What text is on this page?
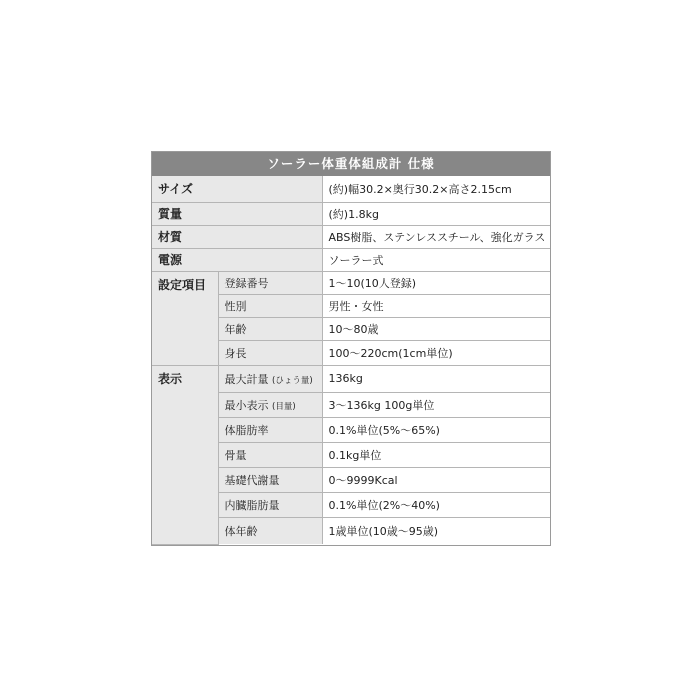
ソーラー体重体組成計 仕様
サイズ		(約)幅30.2×奥行30.2×高さ2.15cm
質量		(約)1.8kg
材質		ABS樹脂、ステンレススチール、強化ガラス
電源		ソーラー式
設定項目	登録番号	1～10(10人登録)
	性別	男性・女性
	年齢	10～80歳
	身長	100～220cm(1cm単位)
表示	最大計量 (ひょう量)	136kg
	最小表示 (目量)	3～136kg 100g単位
	体脂肪率	0.1%単位(5%～65%)
	骨量	0.1kg単位
	基礎代謝量	0～9999Kcal
	内臓脂肪量	0.1%単位(2%～40%)
	体年齢	1歳単位(10歳～95歳)
